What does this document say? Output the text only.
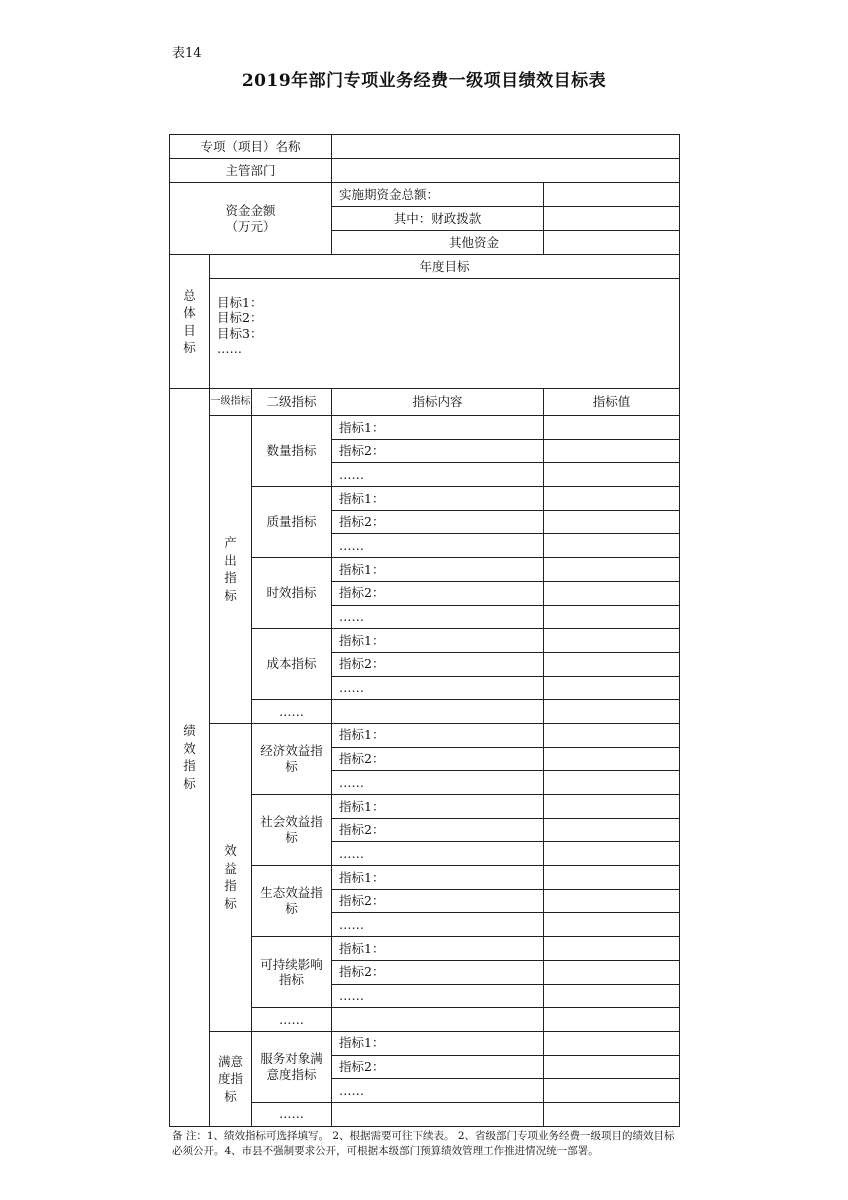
表14
2019年部门专项业务经费一级项目绩效目标表
专项（项目）名称				
主管部门				

资金金额
（万元）			实施期资金总额：	
			其中：财政拨款	
			其他资金	
总体目标	年度目标			

	目标1：
目标2：
目标3：
……			

绩效指标	一级指标	二级指标	指标内容	指标值
	产出指标	数量指标	指标1：	
			指标2：	
			……	
		质量指标	指标1：	
			指标2：	
			……	
		时效指标	指标1：	
			指标2：	
			……	
		成本指标	指标1：	
			指标2：	
			……	
		……		
	效益指标	经济效益指标	指标1：	
			指标2：	
			……	
		社会效益指标	指标1：	
			指标2：	
			……	
		生态效益指标	指标1：	
			指标2：	
			……	
		可持续影响指标	指标1：	
			指标2：	
			……	
		……		
	满意度指标	服务对象满意度指标	指标1：	
			指标2：	
			……	
		……		
备 注：1、绩效指标可选择填写。 2、根据需要可往下续表。 2、省级部门专项业务经费一级项目的绩效目标必须公开。4、市县不强制要求公开，可根据本级部门预算绩效管理工作推进情况统一部署。
